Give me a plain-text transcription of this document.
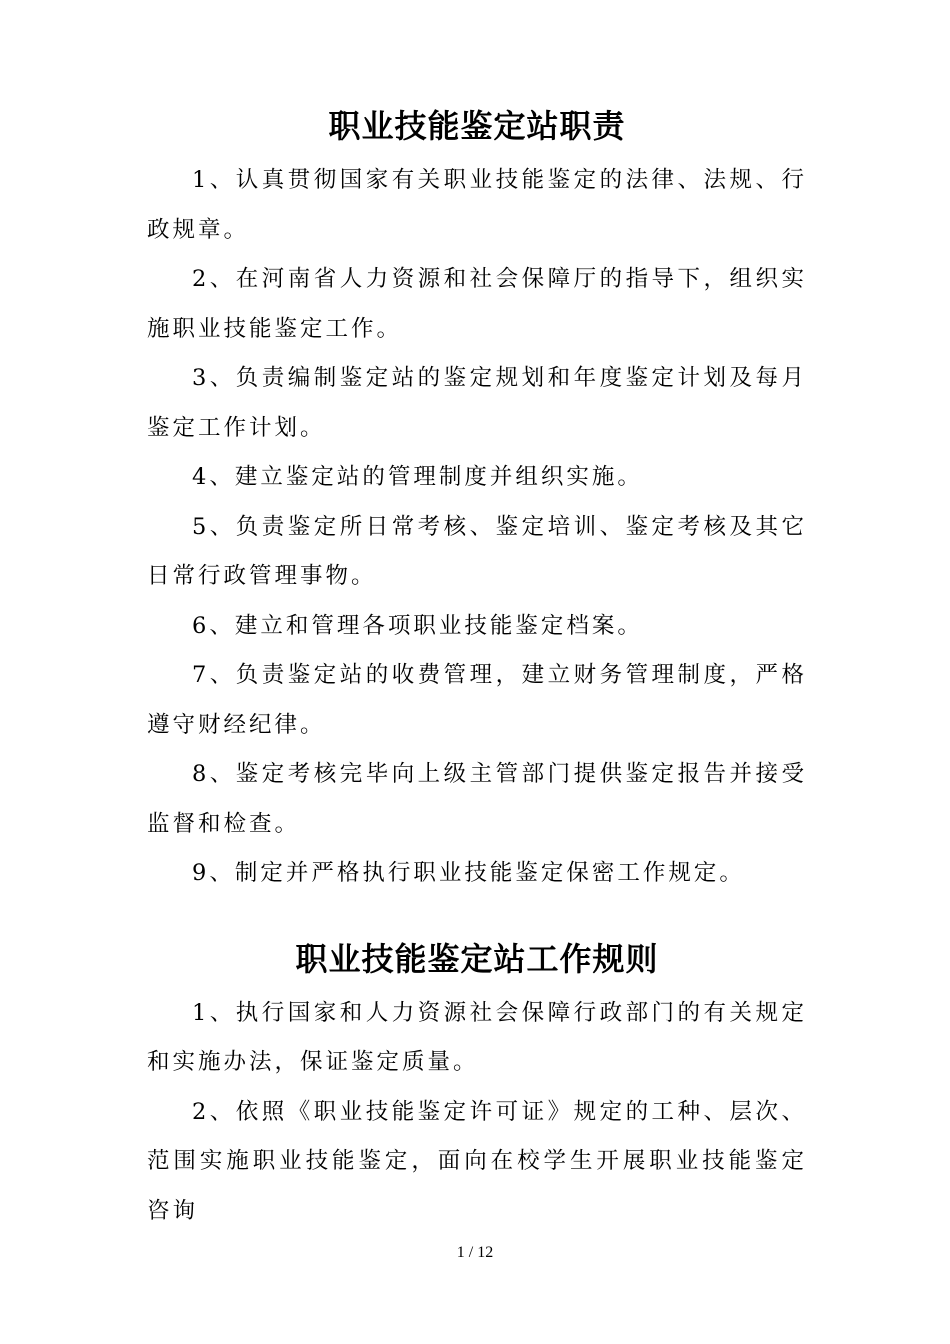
职业技能鉴定站职责

1、认真贯彻国家有关职业技能鉴定的法律、法规、行政规章。

2、在河南省人力资源和社会保障厅的指导下，组织实施职业技能鉴定工作。

3、负责编制鉴定站的鉴定规划和年度鉴定计划及每月鉴定工作计划。

4、建立鉴定站的管理制度并组织实施。

5、负责鉴定所日常考核、鉴定培训、鉴定考核及其它日常行政管理事物。

6、建立和管理各项职业技能鉴定档案。

7、负责鉴定站的收费管理，建立财务管理制度，严格遵守财经纪律。

8、鉴定考核完毕向上级主管部门提供鉴定报告并接受监督和检查。

9、制定并严格执行职业技能鉴定保密工作规定。

职业技能鉴定站工作规则

1、执行国家和人力资源社会保障行政部门的有关规定和实施办法，保证鉴定质量。

2、依照《职业技能鉴定许可证》规定的工种、层次、范围实施职业技能鉴定，面向在校学生开展职业技能鉴定咨询

1 / 12
